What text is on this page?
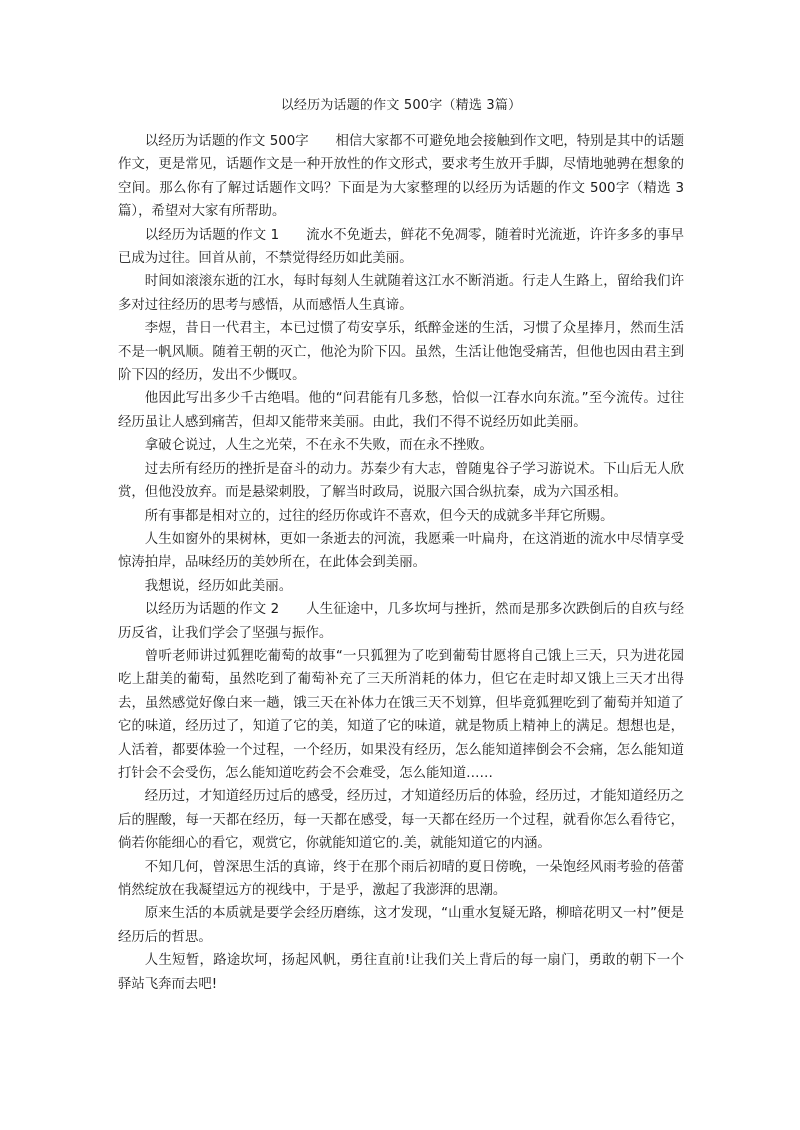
以经历为话题的作文 500字（精选 3篇）

以经历为话题的作文 500字　　相信大家都不可避免地会接触到作文吧，特别是其中的话题作文，更是常见，话题作文是一种开放性的作文形式，要求考生放开手脚，尽情地驰骋在想象的空间。那么你有了解过话题作文吗？下面是为大家整理的以经历为话题的作文 500字（精选 3篇），希望对大家有所帮助。

以经历为话题的作文 1　　流水不免逝去，鲜花不免凋零，随着时光流逝，许许多多的事早已成为过往。回首从前，不禁觉得经历如此美丽。

时间如滚滚东逝的江水，每时每刻人生就随着这江水不断消逝。行走人生路上，留给我们许多对过往经历的思考与感悟，从而感悟人生真谛。

李煜，昔日一代君主，本已过惯了苟安享乐，纸醉金迷的生活，习惯了众星捧月，然而生活不是一帆风顺。随着王朝的灭亡，他沦为阶下囚。虽然，生活让他饱受痛苦，但他也因由君主到阶下囚的经历，发出不少慨叹。

他因此写出多少千古绝唱。他的“问君能有几多愁，恰似一江春水向东流。”至今流传。过往经历虽让人感到痛苦，但却又能带来美丽。由此，我们不得不说经历如此美丽。

拿破仑说过，人生之光荣，不在永不失败，而在永不挫败。

过去所有经历的挫折是奋斗的动力。苏秦少有大志，曾随鬼谷子学习游说术。下山后无人欣赏，但他没放弃。而是悬梁刺股，了解当时政局，说服六国合纵抗秦，成为六国丞相。

所有事都是相对立的，过往的经历你或许不喜欢，但今天的成就多半拜它所赐。

人生如窗外的果树林，更如一条逝去的河流，我愿乘一叶扁舟，在这消逝的流水中尽情享受惊涛拍岸，品味经历的美妙所在，在此体会到美丽。

我想说，经历如此美丽。

以经历为话题的作文 2　　人生征途中，几多坎坷与挫折，然而是那多次跌倒后的自疚与经历反省，让我们学会了坚强与振作。

曾听老师讲过狐狸吃葡萄的故事“一只狐狸为了吃到葡萄甘愿将自己饿上三天，只为进花园吃上甜美的葡萄，虽然吃到了葡萄补充了三天所消耗的体力，但它在走时却又饿上三天才出得去，虽然感觉好像白来一趟，饿三天在补体力在饿三天不划算，但毕竟狐狸吃到了葡萄并知道了它的味道，经历过了，知道了它的美，知道了它的味道，就是物质上精神上的满足。想想也是，人活着，都要体验一个过程，一个经历，如果没有经历，怎么能知道摔倒会不会痛，怎么能知道打针会不会受伤，怎么能知道吃药会不会难受，怎么能知道……

经历过，才知道经历过后的感受，经历过，才知道经历后的体验，经历过，才能知道经历之后的腥酸，每一天都在经历，每一天都在感受，每一天都在经历一个过程，就看你怎么看待它，倘若你能细心的看它，观赏它，你就能知道它的.美，就能知道它的内涵。

不知几何，曾深思生活的真谛，终于在那个雨后初晴的夏日傍晚，一朵饱经风雨考验的蓓蕾悄然绽放在我凝望远方的视线中，于是乎，激起了我澎湃的思潮。

原来生活的本质就是要学会经历磨练，这才发现，“山重水复疑无路，柳暗花明又一村”便是经历后的哲思。

人生短暂，路途坎坷，扬起风帆，勇往直前!让我们关上背后的每一扇门，勇敢的朝下一个驿站飞奔而去吧!
